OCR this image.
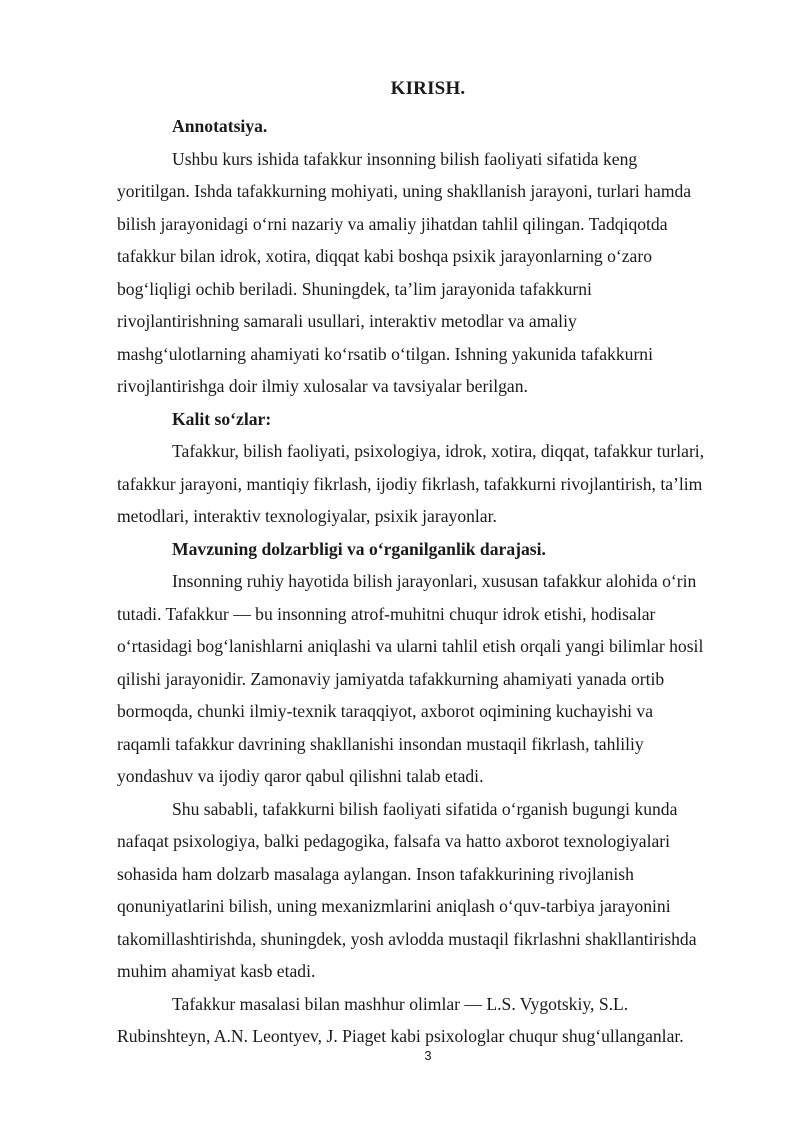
KIRISH.
Annotatsiya.
Ushbu kurs ishida tafakkur insonning bilish faoliyati sifatida keng
yoritilgan. Ishda tafakkurning mohiyati, uning shakllanish jarayoni, turlari hamda
bilish jarayonidagi o‘rni nazariy va amaliy jihatdan tahlil qilingan. Tadqiqotda
tafakkur bilan idrok, xotira, diqqat kabi boshqa psixik jarayonlarning o‘zaro
bog‘liqligi ochib beriladi. Shuningdek, ta’lim jarayonida tafakkurni
rivojlantirishning samarali usullari, interaktiv metodlar va amaliy
mashg‘ulotlarning ahamiyati ko‘rsatib o‘tilgan. Ishning yakunida tafakkurni
rivojlantirishga doir ilmiy xulosalar va tavsiyalar berilgan.
Kalit so‘zlar:
Tafakkur, bilish faoliyati, psixologiya, idrok, xotira, diqqat, tafakkur turlari,
tafakkur jarayoni, mantiqiy fikrlash, ijodiy fikrlash, tafakkurni rivojlantirish, ta’lim
metodlari, interaktiv texnologiyalar, psixik jarayonlar.
Mavzuning dolzarbligi va o‘rganilganlik darajasi.
Insonning ruhiy hayotida bilish jarayonlari, xususan tafakkur alohida o‘rin
tutadi. Tafakkur — bu insonning atrof-muhitni chuqur idrok etishi, hodisalar
o‘rtasidagi bog‘lanishlarni aniqlashi va ularni tahlil etish orqali yangi bilimlar hosil
qilishi jarayonidir. Zamonaviy jamiyatda tafakkurning ahamiyati yanada ortib
bormoqda, chunki ilmiy-texnik taraqqiyot, axborot oqimining kuchayishi va
raqamli tafakkur davrining shakllanishi insondan mustaqil fikrlash, tahliliy
yondashuv va ijodiy qaror qabul qilishni talab etadi.
Shu sababli, tafakkurni bilish faoliyati sifatida o‘rganish bugungi kunda
nafaqat psixologiya, balki pedagogika, falsafa va hatto axborot texnologiyalari
sohasida ham dolzarb masalaga aylangan. Inson tafakkurining rivojlanish
qonuniyatlarini bilish, uning mexanizmlarini aniqlash o‘quv-tarbiya jarayonini
takomillashtirishda, shuningdek, yosh avlodda mustaqil fikrlashni shakllantirishda
muhim ahamiyat kasb etadi.
Tafakkur masalasi bilan mashhur olimlar — L.S. Vygotskiy, S.L.
Rubinshteyn, A.N. Leontyev, J. Piaget kabi psixologlar chuqur shug‘ullanganlar.
3
